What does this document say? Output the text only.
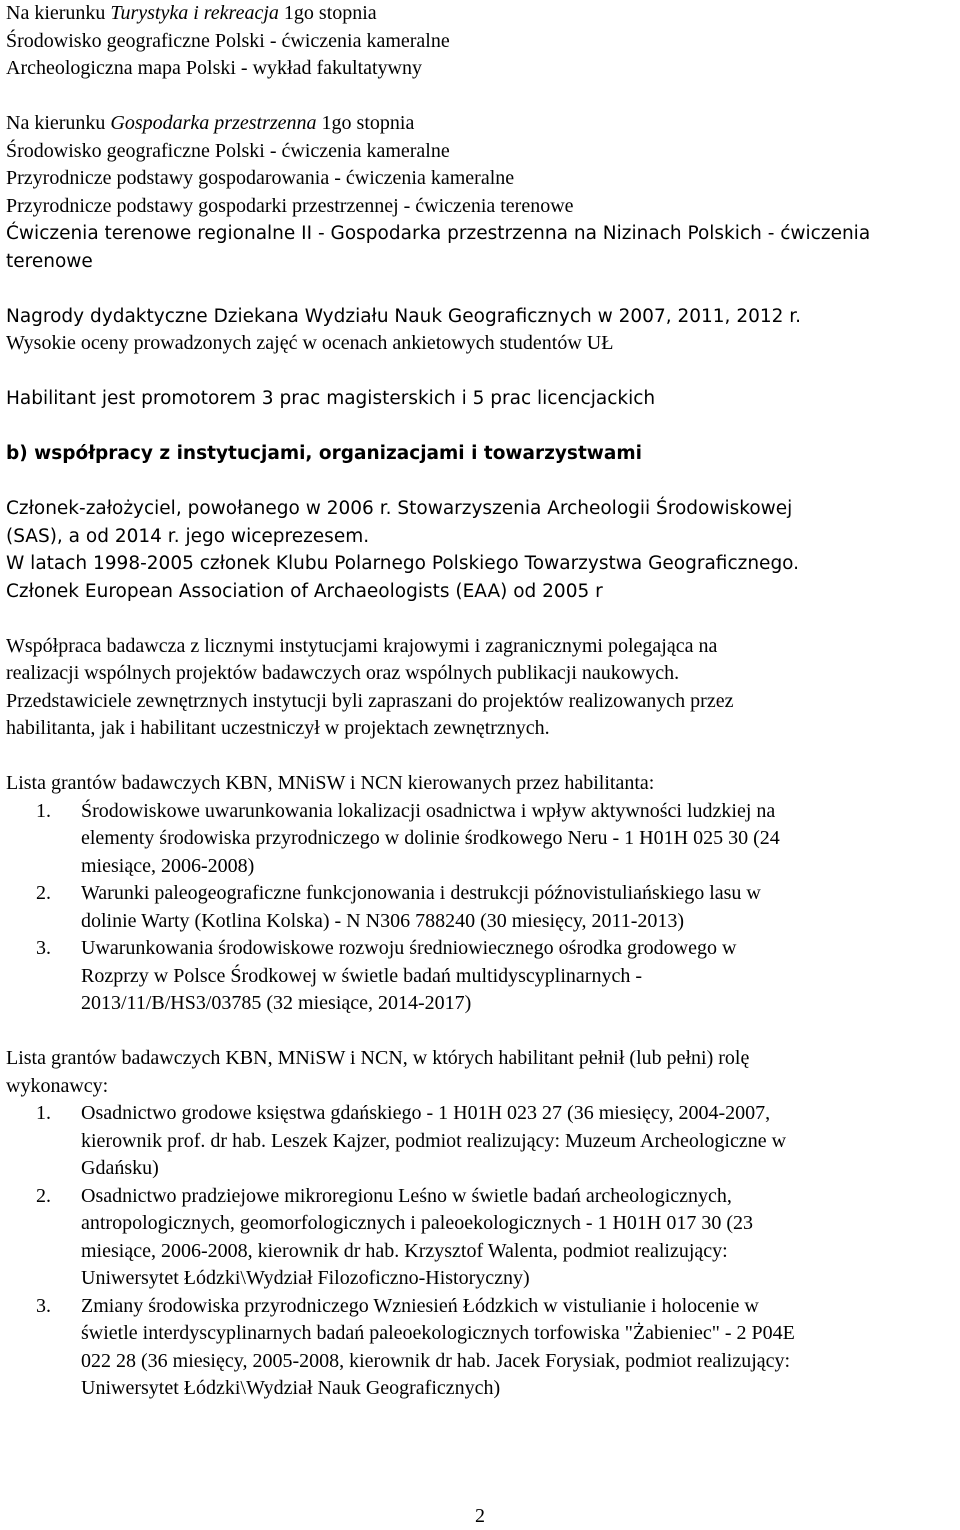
Na kierunku Turystyka i rekreacja 1go stopnia
Środowisko geograficzne Polski - ćwiczenia kameralne
Archeologiczna mapa Polski - wykład fakultatywny
Na kierunku Gospodarka przestrzenna 1go stopnia
Środowisko geograficzne Polski - ćwiczenia kameralne
Przyrodnicze podstawy gospodarowania - ćwiczenia kameralne
Przyrodnicze podstawy gospodarki przestrzennej - ćwiczenia terenowe
Ćwiczenia terenowe regionalne II - Gospodarka przestrzenna na Nizinach Polskich - ćwiczenia
terenowe
Nagrody dydaktyczne Dziekana Wydziału Nauk Geograficznych w 2007, 2011, 2012 r.
Wysokie oceny prowadzonych zajęć w ocenach ankietowych studentów UŁ
Habilitant jest promotorem 3 prac magisterskich i 5 prac licencjackich
b) współpracy z instytucjami, organizacjami i towarzystwami
Członek-założyciel, powołanego w 2006 r. Stowarzyszenia Archeologii Środowiskowej
(SAS), a od 2014 r. jego wiceprezesem.
W latach 1998-2005 członek Klubu Polarnego Polskiego Towarzystwa Geograficznego.
Członek European Association of Archaeologists (EAA) od 2005 r
Współpraca badawcza z licznymi instytucjami krajowymi i zagranicznymi polegająca na
realizacji wspólnych projektów badawczych oraz wspólnych publikacji naukowych.
Przedstawiciele zewnętrznych instytucji byli zapraszani do projektów realizowanych przez
habilitanta, jak i habilitant uczestniczył w projektach zewnętrznych.
Lista grantów badawczych KBN, MNiSW i NCN kierowanych przez habilitanta:
1.	Środowiskowe uwarunkowania lokalizacji osadnictwa i wpływ aktywności ludzkiej na
elementy środowiska przyrodniczego w dolinie środkowego Neru - 1 H01H 025 30 (24
miesiące, 2006-2008)
2.	Warunki paleogeograficzne funkcjonowania i destrukcji późnovistuliańskiego lasu w
dolinie Warty (Kotlina Kolska) - N N306 788240 (30 miesięcy, 2011-2013)
3.	Uwarunkowania środowiskowe rozwoju średniowiecznego ośrodka grodowego w
Rozprzy w Polsce Środkowej w świetle badań multidyscyplinarnych -
2013/11/B/HS3/03785 (32 miesiące, 2014-2017)
Lista grantów badawczych KBN, MNiSW i NCN, w których habilitant pełnił (lub pełni) rolę
wykonawcy:
1.	Osadnictwo grodowe księstwa gdańskiego - 1 H01H 023 27 (36 miesięcy, 2004-2007,
kierownik prof. dr hab. Leszek Kajzer, podmiot realizujący: Muzeum Archeologiczne w
Gdańsku)
2.	Osadnictwo pradziejowe mikroregionu Leśno w świetle badań archeologicznych,
antropologicznych, geomorfologicznych i paleoekologicznych - 1 H01H 017 30 (23
miesiące, 2006-2008, kierownik dr hab. Krzysztof Walenta, podmiot realizujący:
Uniwersytet Łódzki\Wydział Filozoficzno-Historyczny)
3.	Zmiany środowiska przyrodniczego Wzniesień Łódzkich w vistulianie i holocenie w
świetle interdyscyplinarnych badań paleoekologicznych torfowiska "Żabieniec" - 2 P04E
022 28 (36 miesięcy, 2005-2008, kierownik dr hab. Jacek Forysiak, podmiot realizujący:
Uniwersytet Łódzki\Wydział Nauk Geograficznych)
2
